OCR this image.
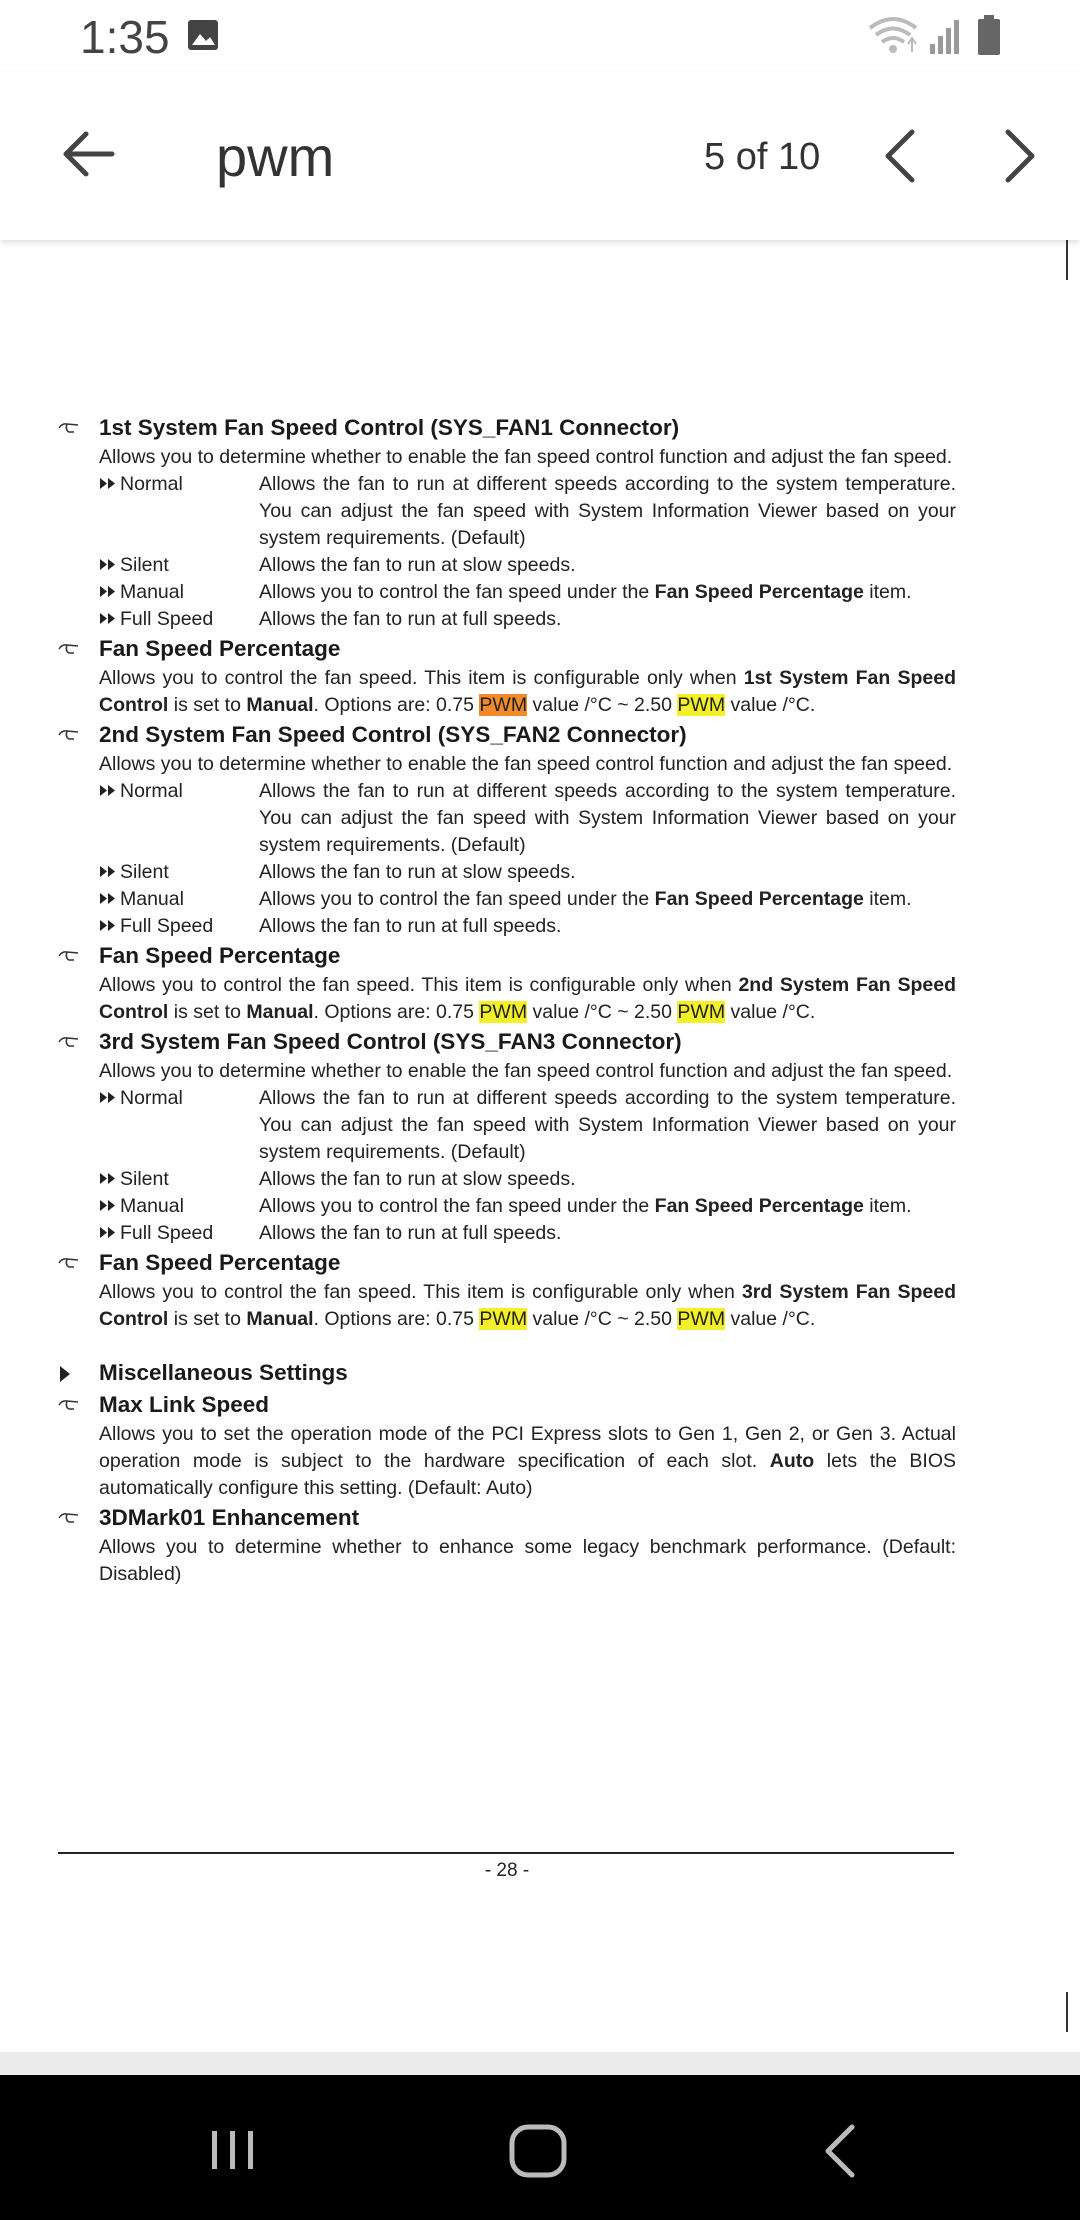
1:35
pwm	5 of 10
1st System Fan Speed Control (SYS_FAN1 Connector)
Allows you to determine whether to enable the fan speed control function and adjust the fan speed.
Normal	Allows the fan to run at different speeds according to the system temperature. You can adjust the fan speed with System Information Viewer based on your system requirements. (Default)
Silent	Allows the fan to run at slow speeds.
Manual	Allows you to control the fan speed under the Fan Speed Percentage item.
Full Speed	Allows the fan to run at full speeds.
Fan Speed Percentage
Allows you to control the fan speed. This item is configurable only when 1st System Fan Speed Control is set to Manual. Options are: 0.75 PWM value /°C ~ 2.50 PWM value /°C.
2nd System Fan Speed Control (SYS_FAN2 Connector)
Allows you to determine whether to enable the fan speed control function and adjust the fan speed.
Normal	Allows the fan to run at different speeds according to the system temperature. You can adjust the fan speed with System Information Viewer based on your system requirements. (Default)
Silent	Allows the fan to run at slow speeds.
Manual	Allows you to control the fan speed under the Fan Speed Percentage item.
Full Speed	Allows the fan to run at full speeds.
Fan Speed Percentage
Allows you to control the fan speed. This item is configurable only when 2nd System Fan Speed Control is set to Manual. Options are: 0.75 PWM value /°C ~ 2.50 PWM value /°C.
3rd System Fan Speed Control (SYS_FAN3 Connector)
Allows you to determine whether to enable the fan speed control function and adjust the fan speed.
Normal	Allows the fan to run at different speeds according to the system temperature. You can adjust the fan speed with System Information Viewer based on your system requirements. (Default)
Silent	Allows the fan to run at slow speeds.
Manual	Allows you to control the fan speed under the Fan Speed Percentage item.
Full Speed	Allows the fan to run at full speeds.
Fan Speed Percentage
Allows you to control the fan speed. This item is configurable only when 3rd System Fan Speed Control is set to Manual. Options are: 0.75 PWM value /°C ~ 2.50 PWM value /°C.
Miscellaneous Settings
Max Link Speed
Allows you to set the operation mode of the PCI Express slots to Gen 1, Gen 2, or Gen 3. Actual operation mode is subject to the hardware specification of each slot. Auto lets the BIOS automatically configure this setting. (Default: Auto)
3DMark01 Enhancement
Allows you to determine whether to enhance some legacy benchmark performance. (Default: Disabled)
- 28 -
